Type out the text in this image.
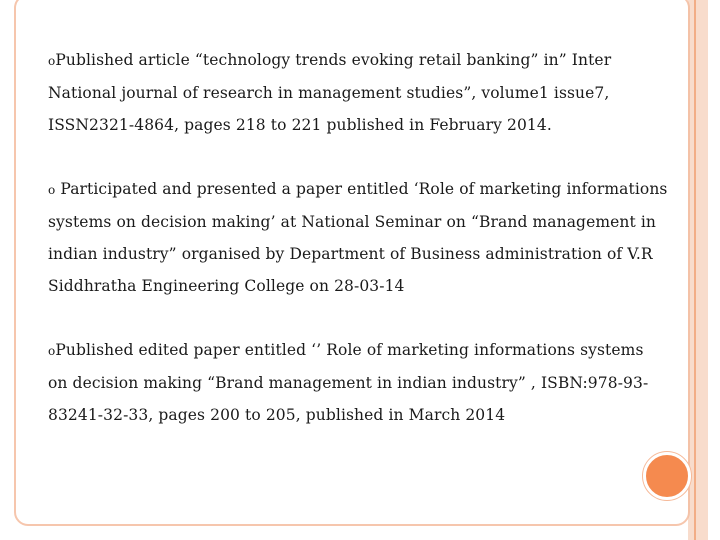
oPublished article “technology trends evoking retail banking” in” Inter National journal of research in management studies”, volume1 issue7, ISSN2321-4864, pages 218 to 221 published in February 2014.

o Participated and presented a paper entitled ‘Role of marketing informations systems on decision making’ at National Seminar on “Brand management in indian industry” organised by Department of Business administration of V.R Siddhratha Engineering College on 28-03-14

oPublished edited paper entitled ‘’ Role of marketing informations systems on decision making “Brand management in indian industry” , ISBN:978-93-83241-32-33, pages 200 to 205, published in March 2014
